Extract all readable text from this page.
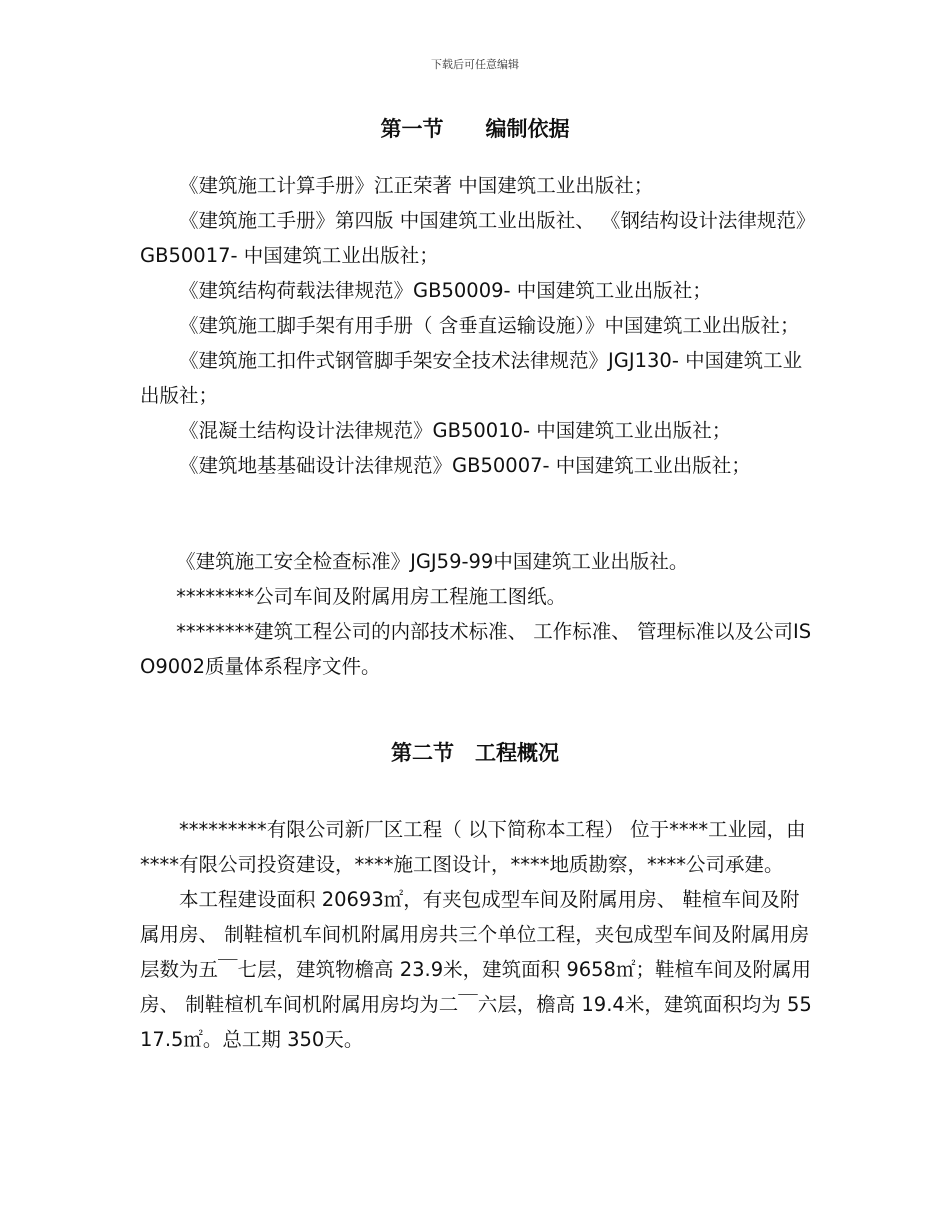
下载后可任意编辑
第一节　　编制依据

《建筑施工计算手册》江正荣著 中国建筑工业出版社；

《建筑施工手册》第四版 中国建筑工业出版社、 《钢结构设计法律规范》GB50017- 中国建筑工业出版社；

《建筑结构荷载法律规范》GB50009- 中国建筑工业出版社；

《建筑施工脚手架有用手册（ 含垂直运输设施）》中国建筑工业出版社；

《建筑施工扣件式钢管脚手架安全技术法律规范》JGJ130- 中国建筑工业出版社；

《混凝土结构设计法律规范》GB50010- 中国建筑工业出版社；

《建筑地基基础设计法律规范》GB50007- 中国建筑工业出版社；

《建筑施工安全检查标准》JGJ59-99中国建筑工业出版社。

********公司车间及附属用房工程施工图纸。

********建筑工程公司的内部技术标准、 工作标准、 管理标准以及公司ISO9002质量体系程序文件。

第二节　工程概况

*********有限公司新厂区工程（ 以下简称本工程） 位于****工业园，由****有限公司投资建设，****施工图设计，****地质勘察，****公司承建。

本工程建设面积 20693㎡，有夹包成型车间及附属用房、 鞋楦车间及附属用房、 制鞋楦机车间机附属用房共三个单位工程，夹包成型车间及附属用房层数为五￣七层，建筑物檐高 23.9米，建筑面积 9658㎡；鞋楦车间及附属用房、 制鞋楦机车间机附属用房均为二￣六层，檐高 19.4米，建筑面积均为 5517.5㎡。总工期 350天。
